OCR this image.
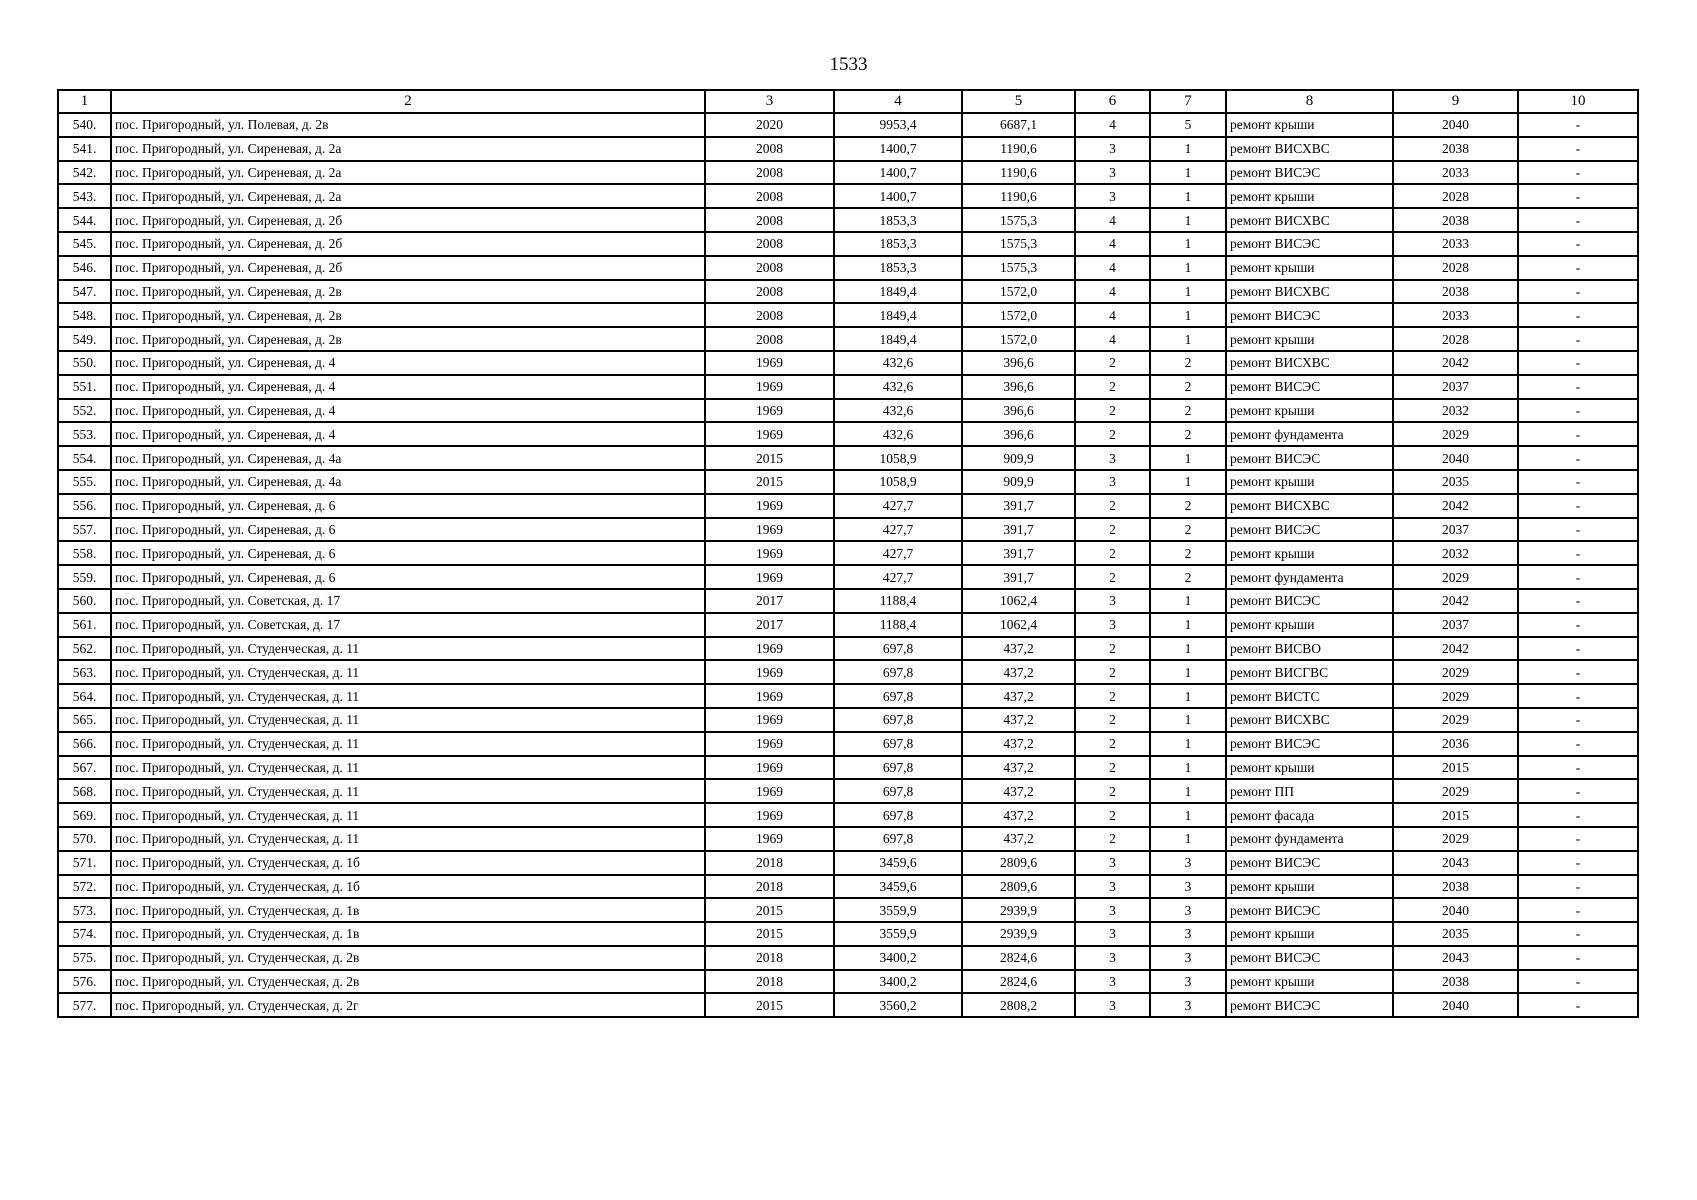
1533
1	2	3	4	5	6	7	8	9	10
540.	пос. Пригородный, ул. Полевая, д. 2в	2020	9953,4	6687,1	4	5	ремонт крыши	2040	-
541.	пос. Пригородный, ул. Сиреневая, д. 2а	2008	1400,7	1190,6	3	1	ремонт ВИСХВС	2038	-
542.	пос. Пригородный, ул. Сиреневая, д. 2а	2008	1400,7	1190,6	3	1	ремонт ВИСЭС	2033	-
543.	пос. Пригородный, ул. Сиреневая, д. 2а	2008	1400,7	1190,6	3	1	ремонт крыши	2028	-
544.	пос. Пригородный, ул. Сиреневая, д. 2б	2008	1853,3	1575,3	4	1	ремонт ВИСХВС	2038	-
545.	пос. Пригородный, ул. Сиреневая, д. 2б	2008	1853,3	1575,3	4	1	ремонт ВИСЭС	2033	-
546.	пос. Пригородный, ул. Сиреневая, д. 2б	2008	1853,3	1575,3	4	1	ремонт крыши	2028	-
547.	пос. Пригородный, ул. Сиреневая, д. 2в	2008	1849,4	1572,0	4	1	ремонт ВИСХВС	2038	-
548.	пос. Пригородный, ул. Сиреневая, д. 2в	2008	1849,4	1572,0	4	1	ремонт ВИСЭС	2033	-
549.	пос. Пригородный, ул. Сиреневая, д. 2в	2008	1849,4	1572,0	4	1	ремонт крыши	2028	-
550.	пос. Пригородный, ул. Сиреневая, д. 4	1969	432,6	396,6	2	2	ремонт ВИСХВС	2042	-
551.	пос. Пригородный, ул. Сиреневая, д. 4	1969	432,6	396,6	2	2	ремонт ВИСЭС	2037	-
552.	пос. Пригородный, ул. Сиреневая, д. 4	1969	432,6	396,6	2	2	ремонт крыши	2032	-
553.	пос. Пригородный, ул. Сиреневая, д. 4	1969	432,6	396,6	2	2	ремонт фундамента	2029	-
554.	пос. Пригородный, ул. Сиреневая, д. 4а	2015	1058,9	909,9	3	1	ремонт ВИСЭС	2040	-
555.	пос. Пригородный, ул. Сиреневая, д. 4а	2015	1058,9	909,9	3	1	ремонт крыши	2035	-
556.	пос. Пригородный, ул. Сиреневая, д. 6	1969	427,7	391,7	2	2	ремонт ВИСХВС	2042	-
557.	пос. Пригородный, ул. Сиреневая, д. 6	1969	427,7	391,7	2	2	ремонт ВИСЭС	2037	-
558.	пос. Пригородный, ул. Сиреневая, д. 6	1969	427,7	391,7	2	2	ремонт крыши	2032	-
559.	пос. Пригородный, ул. Сиреневая, д. 6	1969	427,7	391,7	2	2	ремонт фундамента	2029	-
560.	пос. Пригородный, ул. Советская, д. 17	2017	1188,4	1062,4	3	1	ремонт ВИСЭС	2042	-
561.	пос. Пригородный, ул. Советская, д. 17	2017	1188,4	1062,4	3	1	ремонт крыши	2037	-
562.	пос. Пригородный, ул. Студенческая, д. 11	1969	697,8	437,2	2	1	ремонт ВИСВО	2042	-
563.	пос. Пригородный, ул. Студенческая, д. 11	1969	697,8	437,2	2	1	ремонт ВИСГВС	2029	-
564.	пос. Пригородный, ул. Студенческая, д. 11	1969	697,8	437,2	2	1	ремонт ВИСТС	2029	-
565.	пос. Пригородный, ул. Студенческая, д. 11	1969	697,8	437,2	2	1	ремонт ВИСХВС	2029	-
566.	пос. Пригородный, ул. Студенческая, д. 11	1969	697,8	437,2	2	1	ремонт ВИСЭС	2036	-
567.	пос. Пригородный, ул. Студенческая, д. 11	1969	697,8	437,2	2	1	ремонт крыши	2015	-
568.	пос. Пригородный, ул. Студенческая, д. 11	1969	697,8	437,2	2	1	ремонт ПП	2029	-
569.	пос. Пригородный, ул. Студенческая, д. 11	1969	697,8	437,2	2	1	ремонт фасада	2015	-
570.	пос. Пригородный, ул. Студенческая, д. 11	1969	697,8	437,2	2	1	ремонт фундамента	2029	-
571.	пос. Пригородный, ул. Студенческая, д. 1б	2018	3459,6	2809,6	3	3	ремонт ВИСЭС	2043	-
572.	пос. Пригородный, ул. Студенческая, д. 1б	2018	3459,6	2809,6	3	3	ремонт крыши	2038	-
573.	пос. Пригородный, ул. Студенческая, д. 1в	2015	3559,9	2939,9	3	3	ремонт ВИСЭС	2040	-
574.	пос. Пригородный, ул. Студенческая, д. 1в	2015	3559,9	2939,9	3	3	ремонт крыши	2035	-
575.	пос. Пригородный, ул. Студенческая, д. 2в	2018	3400,2	2824,6	3	3	ремонт ВИСЭС	2043	-
576.	пос. Пригородный, ул. Студенческая, д. 2в	2018	3400,2	2824,6	3	3	ремонт крыши	2038	-
577.	пос. Пригородный, ул. Студенческая, д. 2г	2015	3560,2	2808,2	3	3	ремонт ВИСЭС	2040	-
